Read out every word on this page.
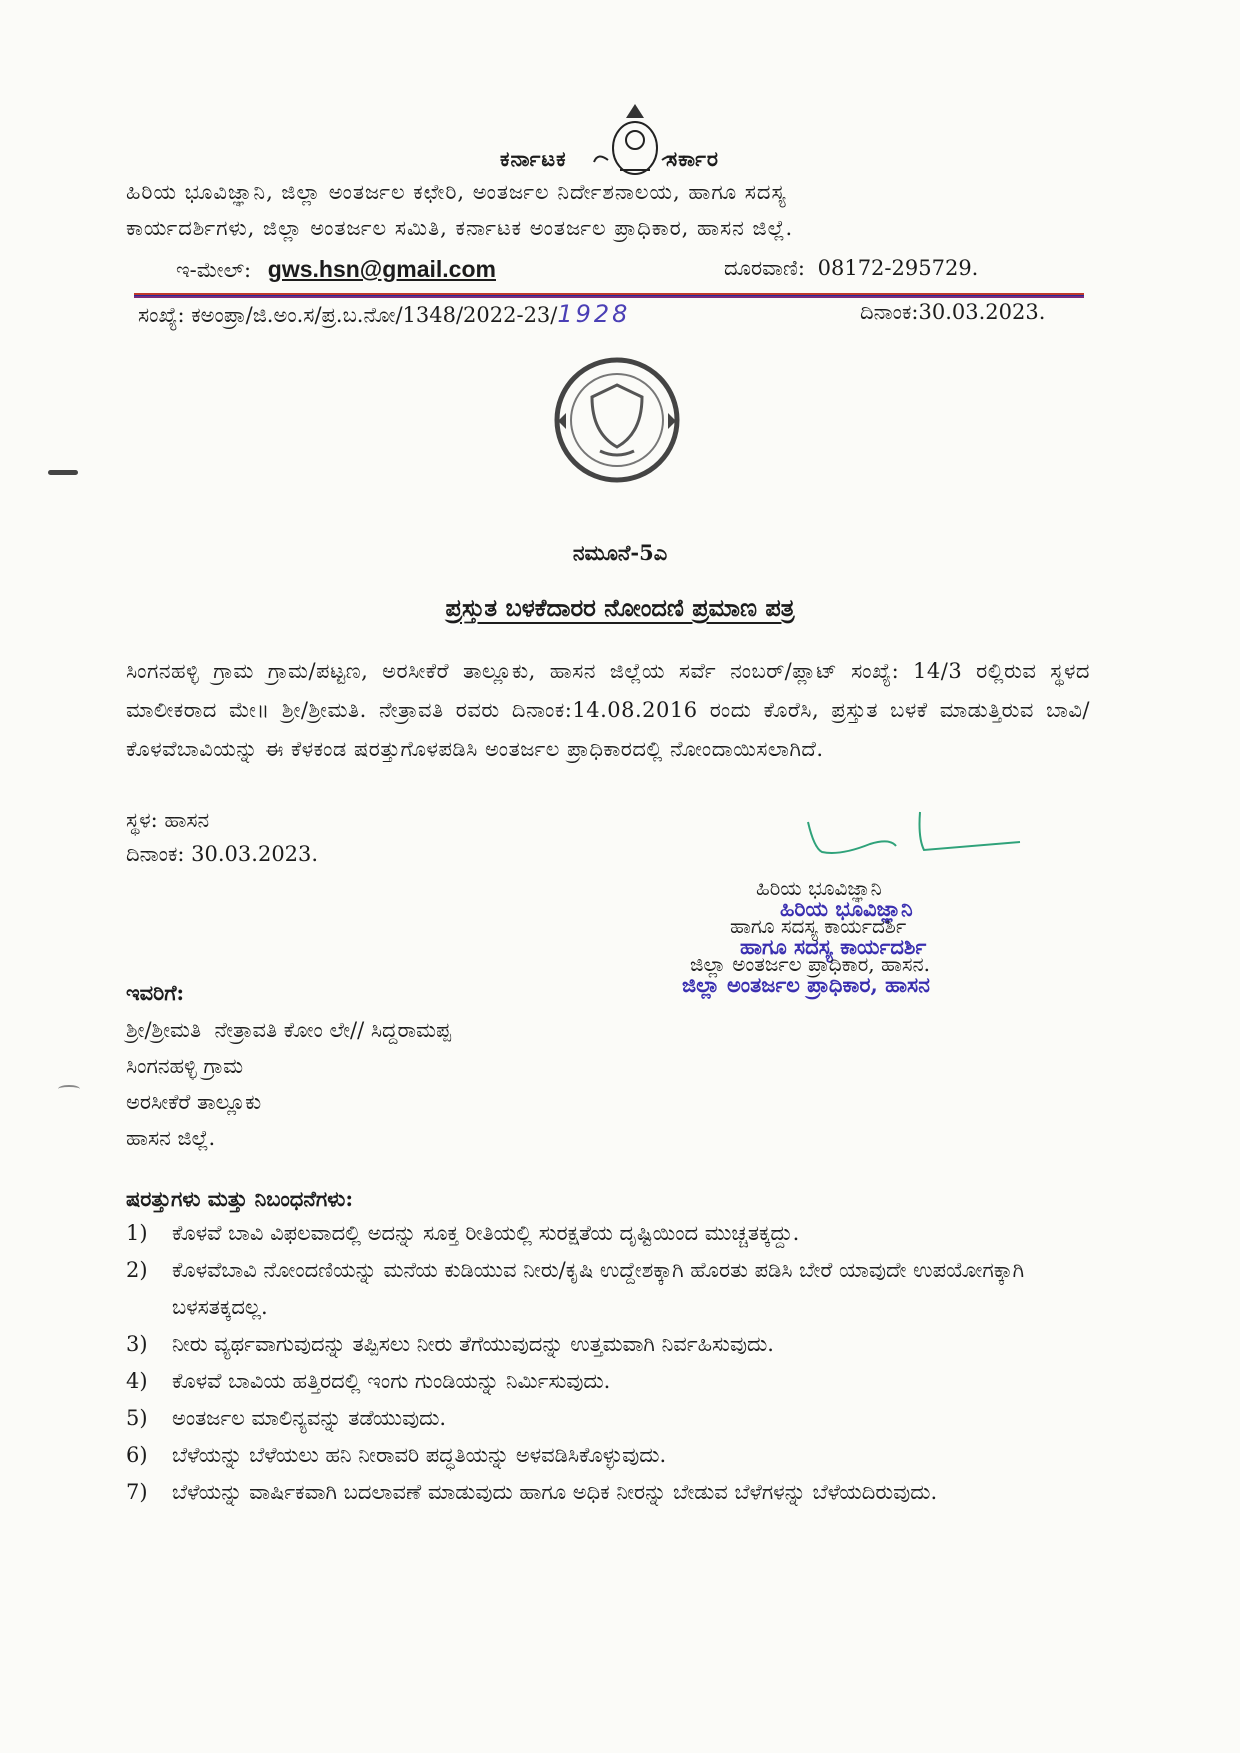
ಕರ್ನಾಟಕ	ಸರ್ಕಾರ
ಹಿರಿಯ ಭೂವಿಜ್ಞಾನಿ, ಜಿಲ್ಲಾ ಅಂತರ್ಜಲ ಕಛೇರಿ, ಅಂತರ್ಜಲ ನಿರ್ದೇಶನಾಲಯ, ಹಾಗೂ ಸದಸ್ಯ
ಕಾರ್ಯದರ್ಶಿಗಳು, ಜಿಲ್ಲಾ ಅಂತರ್ಜಲ ಸಮಿತಿ, ಕರ್ನಾಟಕ ಅಂತರ್ಜಲ ಪ್ರಾಧಿಕಾರ, ಹಾಸನ ಜಿಲ್ಲೆ.
ಇ-ಮೇಲ್: gws.hsn@gmail.com	ದೂರವಾಣಿ: 08172-295729.
ಸಂಖ್ಯೆ: ಕಅಂಪ್ರಾ/ಜಿ.ಅಂ.ಸ/ಪ್ರ.ಬ.ನೋ/1348/2022-23/1928	ದಿನಾಂಕ:30.03.2023.
ನಮೂನೆ-5ಎ
ಪ್ರಸ್ತುತ ಬಳಕೆದಾರರ ನೋಂದಣಿ ಪ್ರಮಾಣ ಪತ್ರ
ಸಿಂಗನಹಳ್ಳಿ ಗ್ರಾಮ ಗ್ರಾಮ/ಪಟ್ಟಣ, ಅರಸೀಕೆರೆ ತಾಲ್ಲೂಕು, ಹಾಸನ ಜಿಲ್ಲೆಯ ಸರ್ವೆ ನಂಬರ್/ಪ್ಲಾಟ್ ಸಂಖ್ಯೆ: 14/3 ರಲ್ಲಿರುವ ಸ್ಥಳದ ಮಾಲೀಕರಾದ ಮೇ॥ ಶ್ರೀ/ಶ್ರೀಮತಿ. ನೇತ್ರಾವತಿ ರವರು ದಿನಾಂಕ:14.08.2016 ರಂದು ಕೊರೆಸಿ, ಪ್ರಸ್ತುತ ಬಳಕೆ ಮಾಡುತ್ತಿರುವ ಬಾವಿ/ಕೊಳವೆಬಾವಿಯನ್ನು ಈ ಕೆಳಕಂಡ ಷರತ್ತುಗೊಳಪಡಿಸಿ ಅಂತರ್ಜಲ ಪ್ರಾಧಿಕಾರದಲ್ಲಿ ನೋಂದಾಯಿಸಲಾಗಿದೆ.
ಸ್ಥಳ: ಹಾಸನ
ದಿನಾಂಕ: 30.03.2023.
ಹಿರಿಯ ಭೂವಿಜ್ಞಾನಿ
ಹಿರಿಯ ಭೂವಿಜ್ಞಾನಿ
ಹಾಗೂ ಸದಸ್ಯ ಕಾರ್ಯದರ್ಶಿ
ಹಾಗೂ ಸದಸ್ಯ ಕಾರ್ಯದರ್ಶಿ
ಜಿಲ್ಲಾ ಅಂತರ್ಜಲ ಪ್ರಾಧಿಕಾರ, ಹಾಸನ.
ಜಿಲ್ಲಾ ಅಂತರ್ಜಲ ಪ್ರಾಧಿಕಾರ, ಹಾಸನ
ಇವರಿಗೆ:
ಶ್ರೀ/ಶ್ರೀಮತಿ  ನೇತ್ರಾವತಿ ಕೋಂ ಲೇ// ಸಿದ್ದರಾಮಪ್ಪ
ಸಿಂಗನಹಳ್ಳಿ ಗ್ರಾಮ
ಅರಸೀಕೆರೆ ತಾಲ್ಲೂಕು
ಹಾಸನ ಜಿಲ್ಲೆ.
ಷರತ್ತುಗಳು ಮತ್ತು ನಿಬಂಧನೆಗಳು:
1)	ಕೊಳವೆ ಬಾವಿ ವಿಫಲವಾದಲ್ಲಿ ಅದನ್ನು ಸೂಕ್ತ ರೀತಿಯಲ್ಲಿ ಸುರಕ್ಷತೆಯ ದೃಷ್ಟಿಯಿಂದ ಮುಚ್ಚತಕ್ಕದ್ದು.
2)	ಕೊಳವೆಬಾವಿ ನೋಂದಣಿಯನ್ನು ಮನೆಯ ಕುಡಿಯುವ ನೀರು/ಕೃಷಿ ಉದ್ದೇಶಕ್ಕಾಗಿ ಹೊರತು ಪಡಿಸಿ ಬೇರೆ ಯಾವುದೇ ಉಪಯೋಗಕ್ಕಾಗಿ ಬಳಸತಕ್ಕದಲ್ಲ.
3)	ನೀರು ವ್ಯರ್ಥವಾಗುವುದನ್ನು ತಪ್ಪಿಸಲು ನೀರು ತೆಗೆಯುವುದನ್ನು ಉತ್ತಮವಾಗಿ ನಿರ್ವಹಿಸುವುದು.
4)	ಕೊಳವೆ ಬಾವಿಯ ಹತ್ತಿರದಲ್ಲಿ ಇಂಗು ಗುಂಡಿಯನ್ನು ನಿರ್ಮಿಸುವುದು.
5)	ಅಂತರ್ಜಲ ಮಾಲಿನ್ಯವನ್ನು ತಡೆಯುವುದು.
6)	ಬೆಳೆಯನ್ನು ಬೆಳೆಯಲು ಹನಿ ನೀರಾವರಿ ಪದ್ಧತಿಯನ್ನು ಅಳವಡಿಸಿಕೊಳ್ಳುವುದು.
7)	ಬೆಳೆಯನ್ನು ವಾರ್ಷಿಕವಾಗಿ ಬದಲಾವಣೆ ಮಾಡುವುದು ಹಾಗೂ ಅಧಿಕ ನೀರನ್ನು ಬೇಡುವ ಬೆಳೆಗಳನ್ನು ಬೆಳೆಯದಿರುವುದು.
